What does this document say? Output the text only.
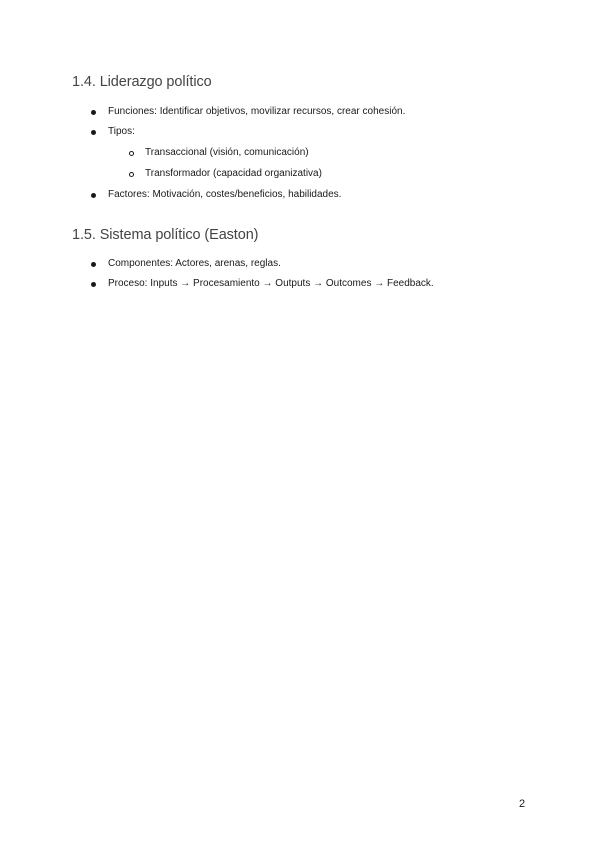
1.4. Liderazgo político
Funciones: Identificar objetivos, movilizar recursos, crear cohesión.
Tipos:
Transaccional (visión, comunicación)
Transformador (capacidad organizativa)
Factores: Motivación, costes/beneficios, habilidades.
1.5. Sistema político (Easton)
Componentes: Actores, arenas, reglas.
Proceso: Inputs → Procesamiento → Outputs → Outcomes → Feedback.
2
